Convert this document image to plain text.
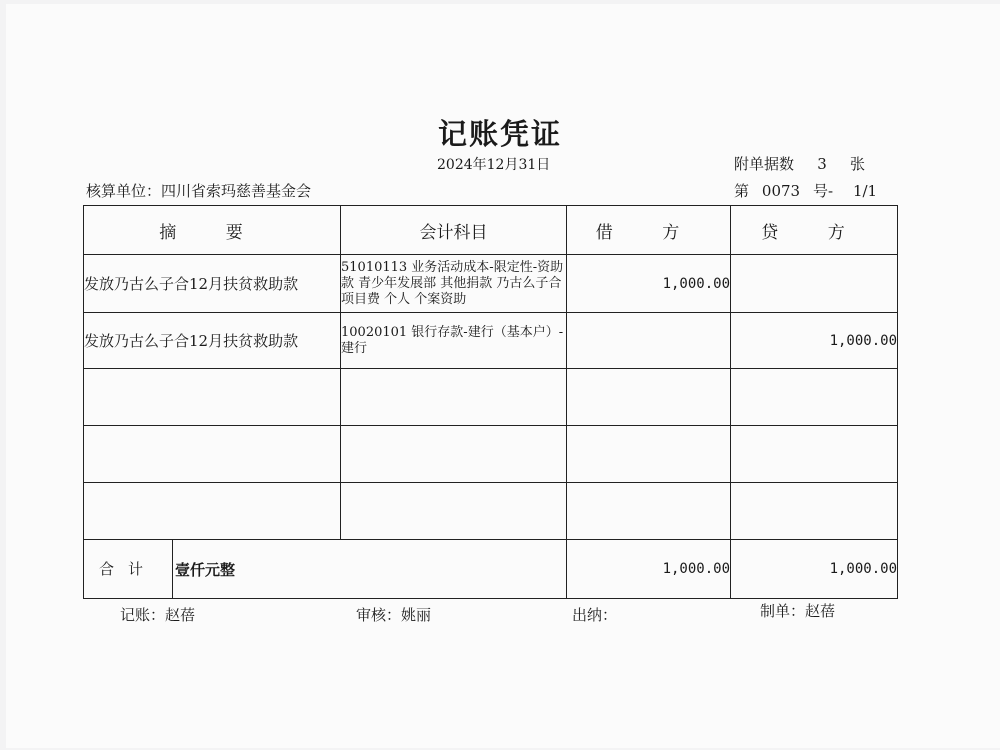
记账凭证
2024年12月31日	附单据数 3 张
核算单位：四川省索玛慈善基金会	第 0073 号- 1/1
摘 要	会计科目	借 方	贷 方
发放乃古么子合12月扶贫救助款	51010113 业务活动成本-限定性-资助款 青少年发展部 其他捐款 乃古么子合 项目费 个人 个案资助	1,000.00	
发放乃古么子合12月扶贫救助款	10020101 银行存款-建行（基本户）-建行		1,000.00

合计 壹仟元整		1,000.00	1,000.00
记账：赵蓓	审核：姚丽	出纳：	制单：赵蓓
